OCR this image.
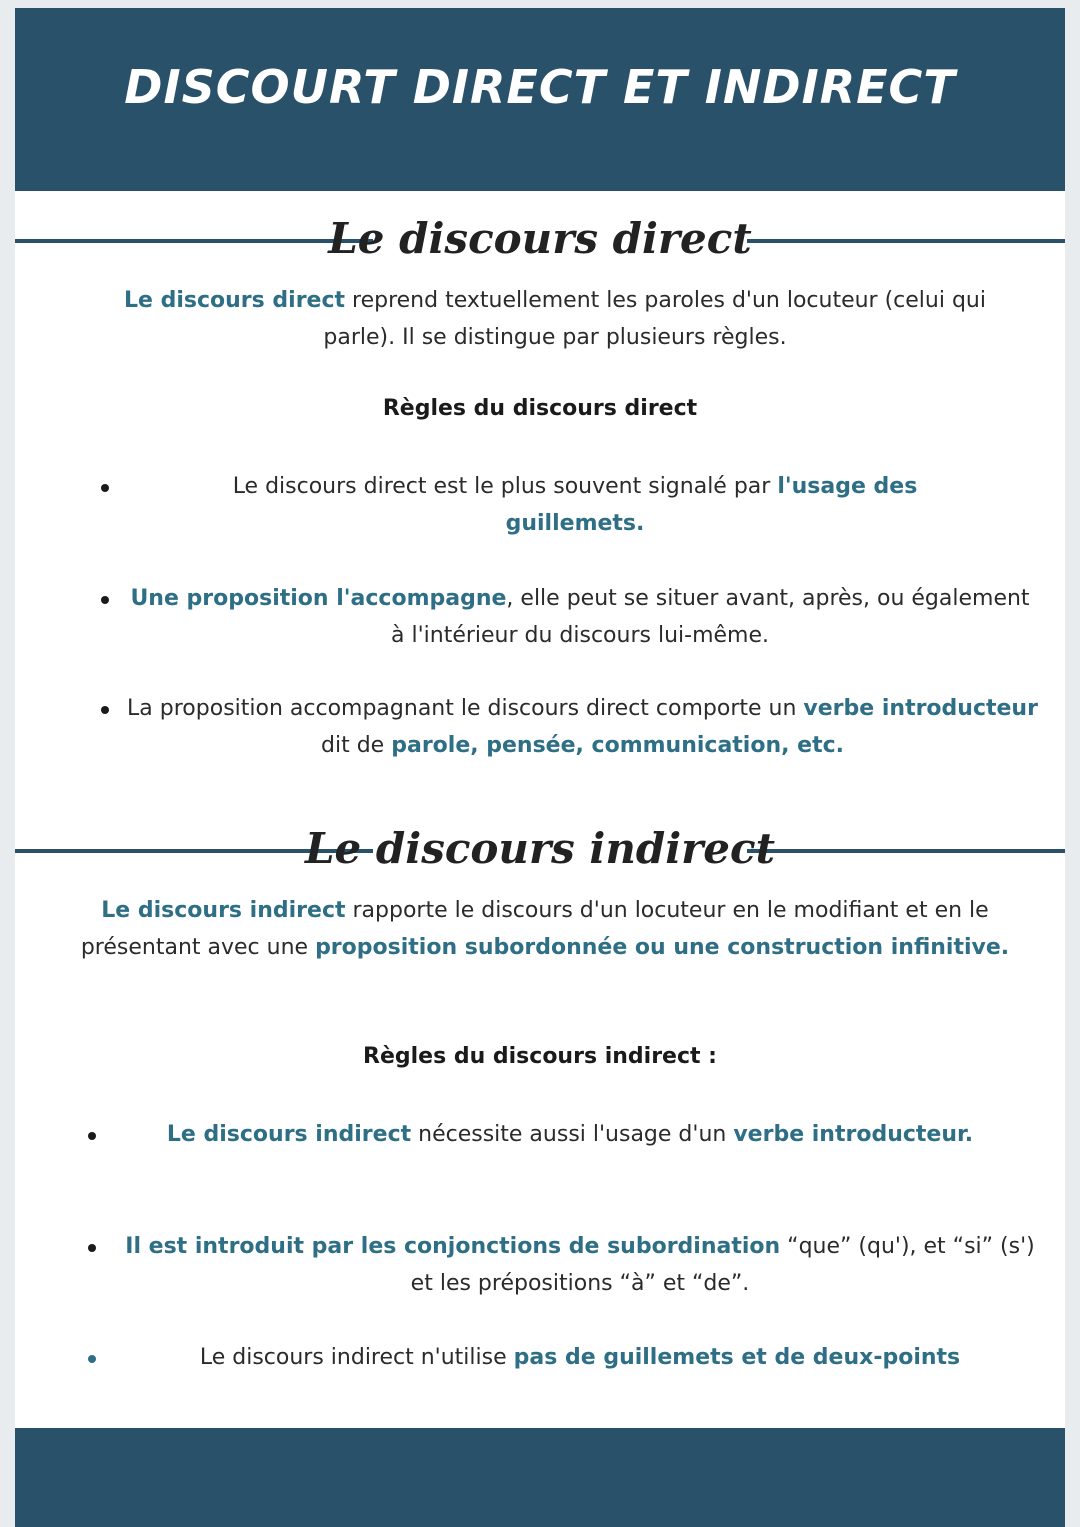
DISCOURT DIRECT ET INDIRECT
Le discours direct

Le discours direct reprend textuellement les paroles d'un locuteur (celui qui parle). Il se distingue par plusieurs règles.

Règles du discours direct

Le discours direct est le plus souvent signalé par l'usage des guillemets.

Une proposition l'accompagne, elle peut se situer avant, après, ou également à l'intérieur du discours lui-même.

La proposition accompagnant le discours direct comporte un verbe introducteur dit de parole, pensée, communication, etc.

Le discours indirect

Le discours indirect rapporte le discours d'un locuteur en le modifiant et en le présentant avec une proposition subordonnée ou une construction infinitive.

Règles du discours indirect :

Le discours indirect nécessite aussi l'usage d'un verbe introducteur.

Il est introduit par les conjonctions de subordination “que” (qu'), et “si” (s') et les prépositions “à” et “de”.

Le discours indirect n'utilise pas de guillemets et de deux-points
